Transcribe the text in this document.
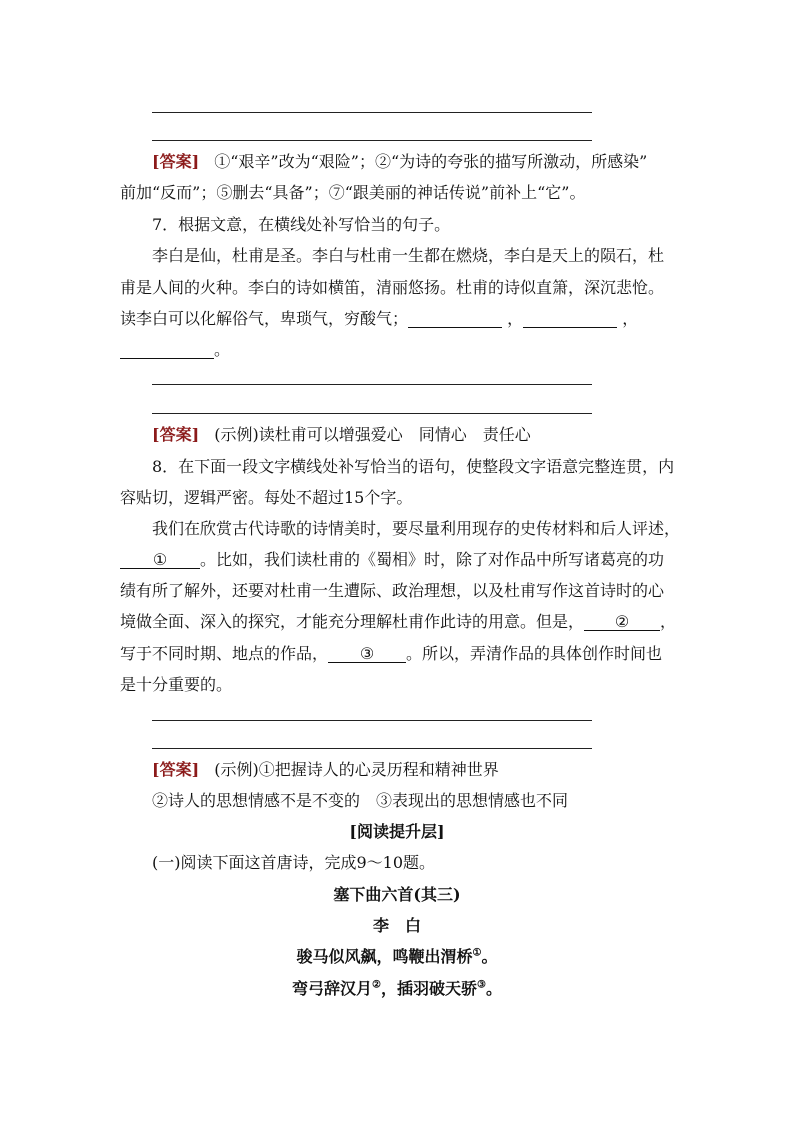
[答案] ①“艰辛”改为“艰险”；②“为诗的夸张的描写所激动，所感染”
前加“反而”；⑤删去“具备”；⑦“跟美丽的神话传说”前补上“它”。
7．根据文意，在横线处补写恰当的句子。
李白是仙，杜甫是圣。李白与杜甫一生都在燃烧，李白是天上的陨石，杜
甫是人间的火种。李白的诗如横笛，清丽悠扬。杜甫的诗似直箫，深沉悲怆。
读李白可以化解俗气，卑琐气，穷酸气；	，	，
。
[答案] (示例)读杜甫可以增强爱心　同情心　责任心
8．在下面一段文字横线处补写恰当的语句，使整段文字语意完整连贯，内
容贴切，逻辑严密。每处不超过15个字。
我们在欣赏古代诗歌的诗情美时，要尽量利用现存的史传材料和后人评述，
① 。比如，我们读杜甫的《蜀相》时，除了对作品中所写诸葛亮的功
绩有所了解外，还要对杜甫一生遭际、政治理想，以及杜甫写作这首诗时的心
境做全面、深入的探究，才能充分理解杜甫作此诗的用意。但是， ② ，
写于不同时期、地点的作品， ③ 。所以，弄清作品的具体创作时间也
是十分重要的。
[答案] (示例)①把握诗人的心灵历程和精神世界
②诗人的思想情感不是不变的　③表现出的思想情感也不同
[阅读提升层]
(一)阅读下面这首唐诗，完成9～10题。
塞下曲六首(其三)
李　白
骏马似风飙，鸣鞭出渭桥①。
弯弓辞汉月②，插羽破天骄③。
